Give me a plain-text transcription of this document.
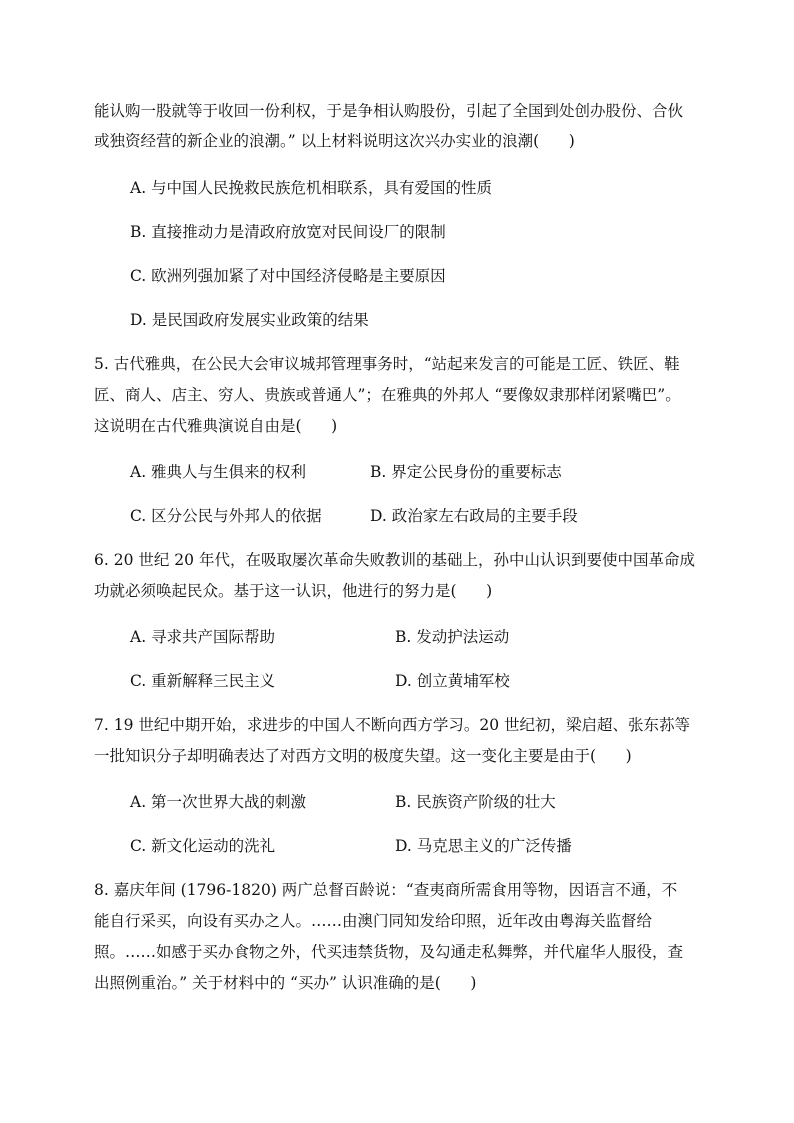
能认购一股就等于收回一份利权，于是争相认购股份，引起了全国到处创办股份、合伙

或独资经营的新企业的浪潮。” 以上材料说明这次兴办实业的浪潮(      )

A. 与中国人民挽救民族危机相联系，具有爱国的性质

B. 直接推动力是清政府放宽对民间设厂的限制

C. 欧洲列强加紧了对中国经济侵略是主要原因

D. 是民国政府发展实业政策的结果

5. 古代雅典，在公民大会审议城邦管理事务时，“站起来发言的可能是工匠、铁匠、鞋

匠、商人、店主、穷人、贵族或普通人”；在雅典的外邦人 “要像奴隶那样闭紧嘴巴”。

这说明在古代雅典演说自由是(      )

A. 雅典人与生俱来的权利	B. 界定公民身份的重要标志

C. 区分公民与外邦人的依据	D. 政治家左右政局的主要手段

6. 20 世纪 20 年代，在吸取屡次革命失败教训的基础上，孙中山认识到要使中国革命成

功就必须唤起民众。基于这一认识，他进行的努力是(      )

A. 寻求共产国际帮助	B. 发动护法运动

C. 重新解释三民主义	D. 创立黄埔军校

7. 19 世纪中期开始，求进步的中国人不断向西方学习。20 世纪初，梁启超、张东荪等

一批知识分子却明确表达了对西方文明的极度失望。这一变化主要是由于(      )

A. 第一次世界大战的刺激	B. 民族资产阶级的壮大

C. 新文化运动的洗礼	D. 马克思主义的广泛传播

8. 嘉庆年间 (1796-1820) 两广总督百龄说：“查夷商所需食用等物，因语言不通，不

能自行采买，向设有买办之人。……由澳门同知发给印照，近年改由粤海关监督给

照。……如感于买办食物之外，代买违禁货物，及勾通走私舞弊，并代雇华人服役，查

出照例重治。” 关于材料中的 “买办” 认识准确的是(      )
